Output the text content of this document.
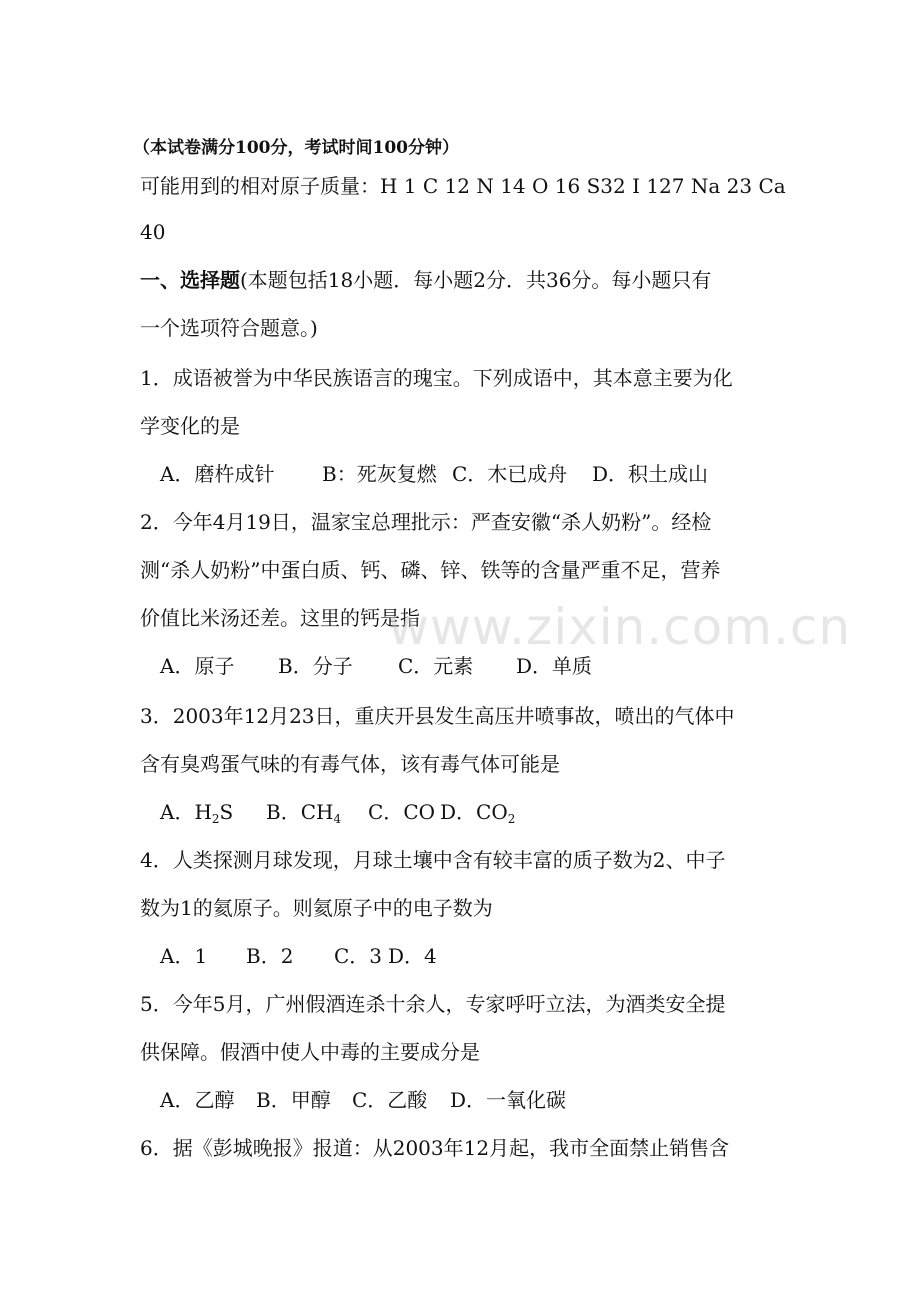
（本试卷满分100分，考试时间100分钟）
可能用到的相对原子质量：H 1 C 12 N 14 O 16 S32 I 127 Na 23 Ca
40
一、选择题(本题包括18小题．每小题2分．共36分。每小题只有
一个选项符合题意。)
1．成语被誉为中华民族语言的瑰宝。下列成语中，其本意主要为化
学变化的是
A．磨杵成针 B：死灰复燃 C．木已成舟 D．积土成山
2．今年4月19日，温家宝总理批示：严查安徽“杀人奶粉”。经检
测“杀人奶粉”中蛋白质、钙、磷、锌、铁等的含量严重不足，营养
价值比米汤还差。这里的钙是指
A．原子 B．分子 C．元素 D．单质
3．2003年12月23日，重庆开县发生高压井喷事故，喷出的气体中
含有臭鸡蛋气味的有毒气体，该有毒气体可能是
A．$H_2S$ B．$CH_4$ C．CO D．$CO_2$
4．人类探测月球发现，月球土壤中含有较丰富的质子数为2、中子
数为1的氦原子。则氦原子中的电子数为
A．1 B．2 C．3 D．4
5．今年5月，广州假酒连杀十余人，专家呼吁立法，为酒类安全提
供保障。假酒中使人中毒的主要成分是
A．乙醇 B．甲醇 C．乙酸 D．一氧化碳
6．据《彭城晚报》报道：从2003年12月起，我市全面禁止销售含
www.zixin.com.cn
